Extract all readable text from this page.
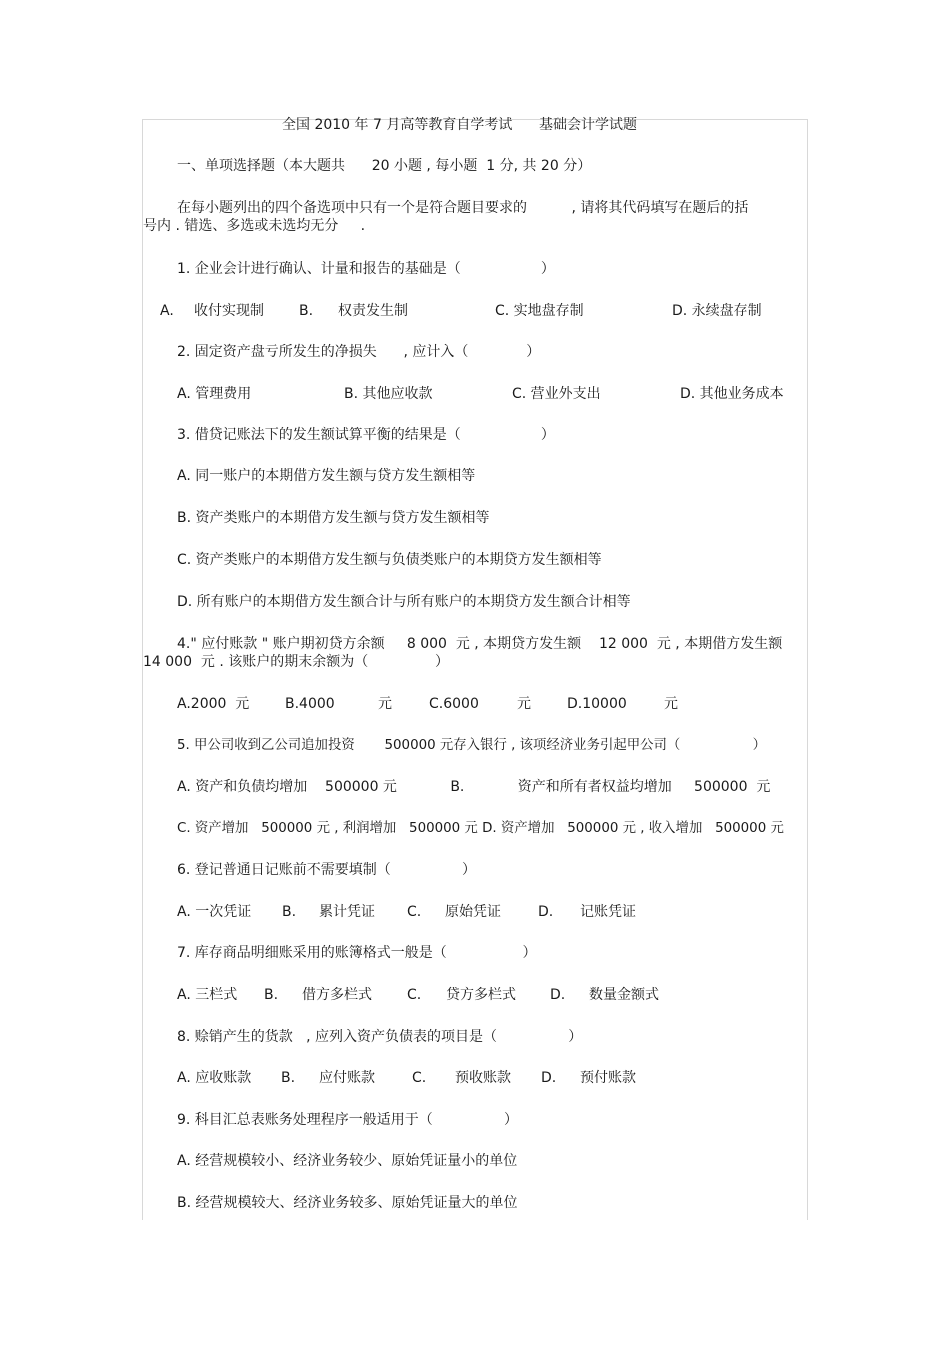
全国 2010 年 7 月高等教育自学考试      基础会计学试题
一、单项选择题（本大题共      20 小题 , 每小题  1 分, 共 20 分）
在每小题列出的四个备选项中只有一个是符合题目要求的          , 请将其代码填写在题后的括
号内 . 错选、多选或未选均无分     .
1. 企业会计进行确认、计量和报告的基础是（                  ）
A. 收付实现制	B. 权责发生制	C. 实地盘存制	D. 永续盘存制
2. 固定资产盘亏所发生的净损失      , 应计入（             ）
A. 管理费用	B. 其他应收款	C. 营业外支出	D. 其他业务成本
3. 借贷记账法下的发生额试算平衡的结果是（                  ）
A. 同一账户的本期借方发生额与贷方发生额相等
B. 资产类账户的本期借方发生额与贷方发生额相等
C. 资产类账户的本期借方发生额与负债类账户的本期贷方发生额相等
D. 所有账户的本期借方发生额合计与所有账户的本期贷方发生额合计相等
4." 应付账款 " 账户期初贷方余额     8 000  元 , 本期贷方发生额    12 000  元 , 本期借方发生额
14 000  元 . 该账户的期末余额为（               ）
A.2000  元	B.4000	元	C.6000	元	D.10000	元
5. 甲公司收到乙公司追加投资       500000 元存入银行 , 该项经济业务引起甲公司（                 ）
A. 资产和负债均增加    500000 元            B.            资产和所有者权益均增加     500000  元
C. 资产增加   500000 元 , 利润增加   500000 元 D. 资产增加   500000 元 , 收入增加   500000 元
6. 登记普通日记账前不需要填制（                ）
A. 一次凭证 B. 累计凭证 C. 原始凭证	D. 记账凭证
7. 库存商品明细账采用的账簿格式一般是（                 ）
A. 三栏式 B. 借方多栏式	C. 贷方多栏式 D. 数量金额式
8. 赊销产生的货款   , 应列入资产负债表的项目是（                ）
A. 应收账款 B. 应付账款	C. 预收账款 D. 预付账款
9. 科目汇总表账务处理程序一般适用于（                ）
A. 经营规模较小、经济业务较少、原始凭证量小的单位
B. 经营规模较大、经济业务较多、原始凭证量大的单位
